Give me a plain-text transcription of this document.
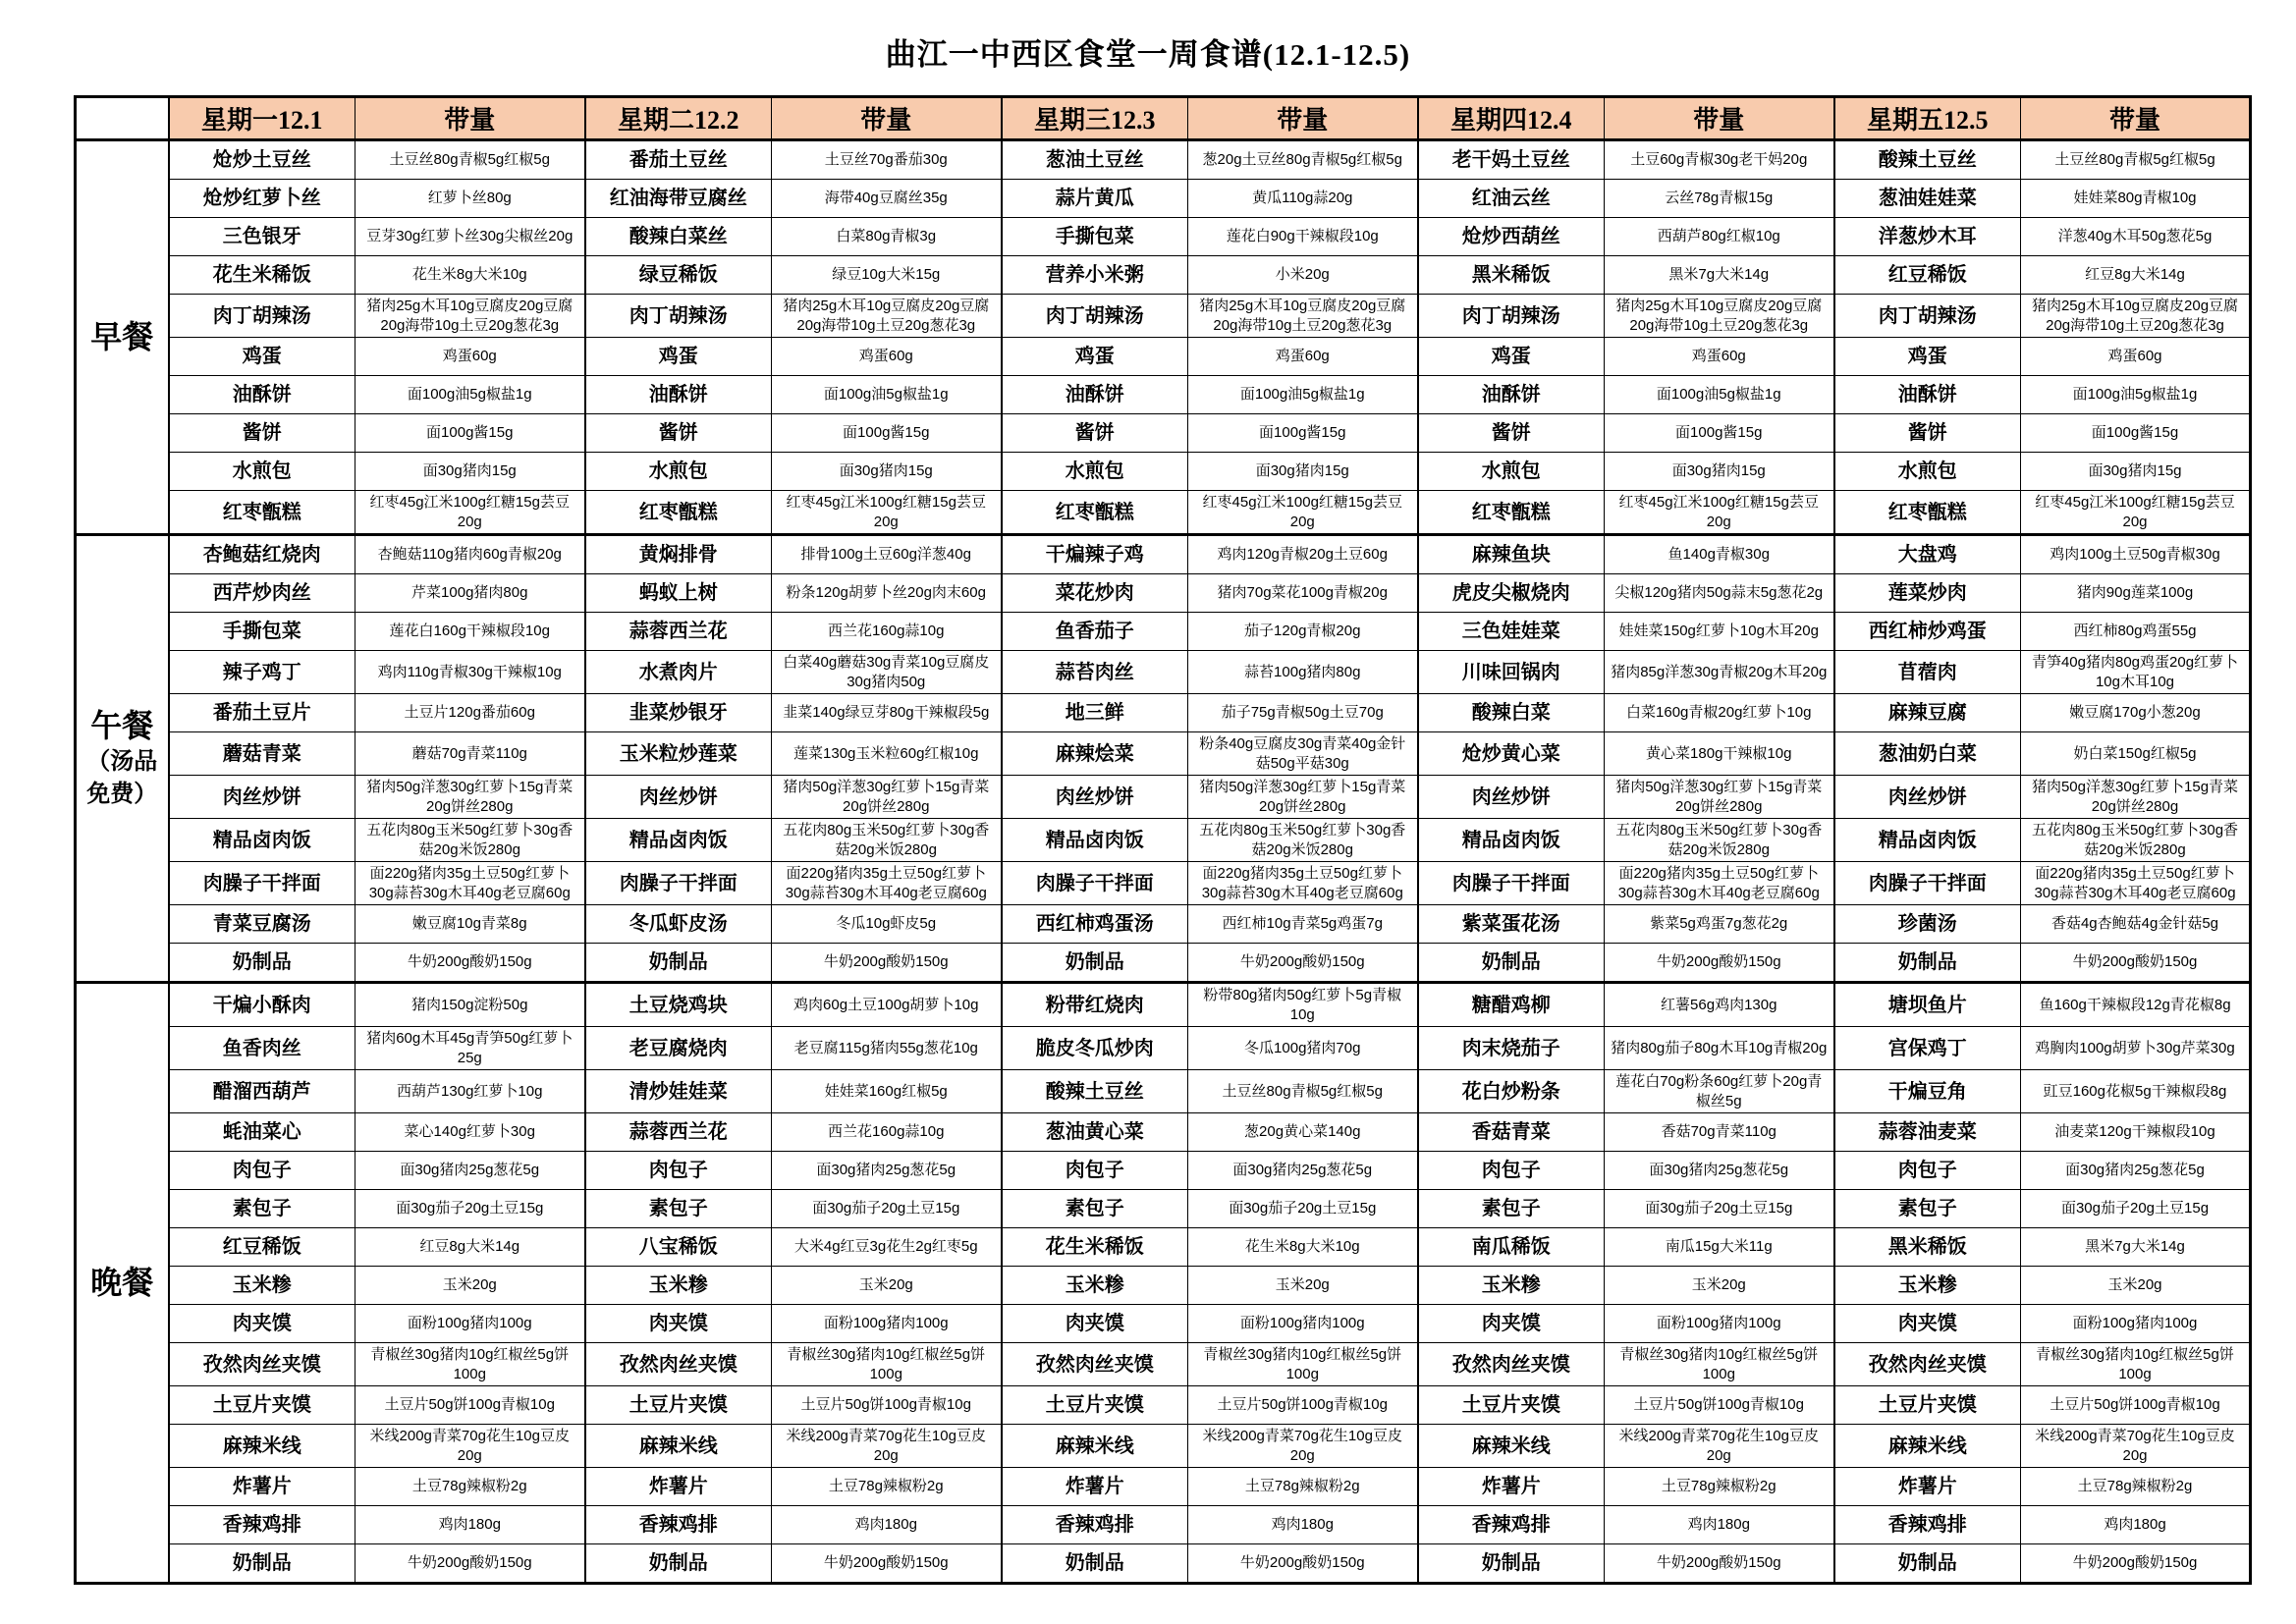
曲江一中西区食堂一周食谱(12.1-12.5)
	星期一12.1	带量	星期二12.2	带量	星期三12.3	带量	星期四12.4	带量	星期五12.5	带量
早餐	炝炒土豆丝	土豆丝80g青椒5g红椒5g	番茄土豆丝	土豆丝70g番茄30g	葱油土豆丝	葱20g土豆丝80g青椒5g红椒5g	老干妈土豆丝	土豆60g青椒30g老干妈20g	酸辣土豆丝	土豆丝80g青椒5g红椒5g
	炝炒红萝卜丝	红萝卜丝80g	红油海带豆腐丝	海带40g豆腐丝35g	蒜片黄瓜	黄瓜110g蒜20g	红油云丝	云丝78g青椒15g	葱油娃娃菜	娃娃菜80g青椒10g
	三色银牙	豆芽30g红萝卜丝30g尖椒丝20g	酸辣白菜丝	白菜80g青椒3g	手撕包菜	莲花白90g干辣椒段10g	炝炒西葫丝	西葫芦80g红椒10g	洋葱炒木耳	洋葱40g木耳50g葱花5g
	花生米稀饭	花生米8g大米10g	绿豆稀饭	绿豆10g大米15g	营养小米粥	小米20g	黑米稀饭	黑米7g大米14g	红豆稀饭	红豆8g大米14g
	肉丁胡辣汤	猪肉25g木耳10g豆腐皮20g豆腐20g海带10g土豆20g葱花3g	肉丁胡辣汤	猪肉25g木耳10g豆腐皮20g豆腐20g海带10g土豆20g葱花3g	肉丁胡辣汤	猪肉25g木耳10g豆腐皮20g豆腐20g海带10g土豆20g葱花3g	肉丁胡辣汤	猪肉25g木耳10g豆腐皮20g豆腐20g海带10g土豆20g葱花3g	肉丁胡辣汤	猪肉25g木耳10g豆腐皮20g豆腐20g海带10g土豆20g葱花3g
	鸡蛋	鸡蛋60g	鸡蛋	鸡蛋60g	鸡蛋	鸡蛋60g	鸡蛋	鸡蛋60g	鸡蛋	鸡蛋60g
	油酥饼	面100g油5g椒盐1g	油酥饼	面100g油5g椒盐1g	油酥饼	面100g油5g椒盐1g	油酥饼	面100g油5g椒盐1g	油酥饼	面100g油5g椒盐1g
	酱饼	面100g酱15g	酱饼	面100g酱15g	酱饼	面100g酱15g	酱饼	面100g酱15g	酱饼	面100g酱15g
	水煎包	面30g猪肉15g	水煎包	面30g猪肉15g	水煎包	面30g猪肉15g	水煎包	面30g猪肉15g	水煎包	面30g猪肉15g
	红枣甑糕	红枣45g江米100g红糖15g芸豆20g	红枣甑糕	红枣45g江米100g红糖15g芸豆20g	红枣甑糕	红枣45g江米100g红糖15g芸豆20g	红枣甑糕	红枣45g江米100g红糖15g芸豆20g	红枣甑糕	红枣45g江米100g红糖15g芸豆20g
午餐
（汤品
免费）	杏鲍菇红烧肉	杏鲍菇110g猪肉60g青椒20g	黄焖排骨	排骨100g土豆60g洋葱40g	干煸辣子鸡	鸡肉120g青椒20g土豆60g	麻辣鱼块	鱼140g青椒30g	大盘鸡	鸡肉100g土豆50g青椒30g
	西芹炒肉丝	芹菜100g猪肉80g	蚂蚁上树	粉条120g胡萝卜丝20g肉末60g	菜花炒肉	猪肉70g菜花100g青椒20g	虎皮尖椒烧肉	尖椒120g猪肉50g蒜末5g葱花2g	莲菜炒肉	猪肉90g莲菜100g
	手撕包菜	莲花白160g干辣椒段10g	蒜蓉西兰花	西兰花160g蒜10g	鱼香茄子	茄子120g青椒20g	三色娃娃菜	娃娃菜150g红萝卜10g木耳20g	西红柿炒鸡蛋	西红柿80g鸡蛋55g
	辣子鸡丁	鸡肉110g青椒30g干辣椒10g	水煮肉片	白菜40g蘑菇30g青菜10g豆腐皮30g猪肉50g	蒜苔肉丝	蒜苔100g猪肉80g	川味回锅肉	猪肉85g洋葱30g青椒20g木耳20g	苜蓿肉	青笋40g猪肉80g鸡蛋20g红萝卜10g木耳10g
	番茄土豆片	土豆片120g番茄60g	韭菜炒银牙	韭菜140g绿豆芽80g干辣椒段5g	地三鲜	茄子75g青椒50g土豆70g	酸辣白菜	白菜160g青椒20g红萝卜10g	麻辣豆腐	嫩豆腐170g小葱20g
	蘑菇青菜	蘑菇70g青菜110g	玉米粒炒莲菜	莲菜130g玉米粒60g红椒10g	麻辣烩菜	粉条40g豆腐皮30g青菜40g金针菇50g平菇30g	炝炒黄心菜	黄心菜180g干辣椒10g	葱油奶白菜	奶白菜150g红椒5g
	肉丝炒饼	猪肉50g洋葱30g红萝卜15g青菜20g饼丝280g	肉丝炒饼	猪肉50g洋葱30g红萝卜15g青菜20g饼丝280g	肉丝炒饼	猪肉50g洋葱30g红萝卜15g青菜20g饼丝280g	肉丝炒饼	猪肉50g洋葱30g红萝卜15g青菜20g饼丝280g	肉丝炒饼	猪肉50g洋葱30g红萝卜15g青菜20g饼丝280g
	精品卤肉饭	五花肉80g玉米50g红萝卜30g香菇20g米饭280g	精品卤肉饭	五花肉80g玉米50g红萝卜30g香菇20g米饭280g	精品卤肉饭	五花肉80g玉米50g红萝卜30g香菇20g米饭280g	精品卤肉饭	五花肉80g玉米50g红萝卜30g香菇20g米饭280g	精品卤肉饭	五花肉80g玉米50g红萝卜30g香菇20g米饭280g
	肉臊子干拌面	面220g猪肉35g土豆50g红萝卜30g蒜苔30g木耳40g老豆腐60g	肉臊子干拌面	面220g猪肉35g土豆50g红萝卜30g蒜苔30g木耳40g老豆腐60g	肉臊子干拌面	面220g猪肉35g土豆50g红萝卜30g蒜苔30g木耳40g老豆腐60g	肉臊子干拌面	面220g猪肉35g土豆50g红萝卜30g蒜苔30g木耳40g老豆腐60g	肉臊子干拌面	面220g猪肉35g土豆50g红萝卜30g蒜苔30g木耳40g老豆腐60g
	青菜豆腐汤	嫩豆腐10g青菜8g	冬瓜虾皮汤	冬瓜10g虾皮5g	西红柿鸡蛋汤	西红柿10g青菜5g鸡蛋7g	紫菜蛋花汤	紫菜5g鸡蛋7g葱花2g	珍菌汤	香菇4g杏鲍菇4g金针菇5g
	奶制品	牛奶200g酸奶150g	奶制品	牛奶200g酸奶150g	奶制品	牛奶200g酸奶150g	奶制品	牛奶200g酸奶150g	奶制品	牛奶200g酸奶150g
晚餐	干煸小酥肉	猪肉150g淀粉50g	土豆烧鸡块	鸡肉60g土豆100g胡萝卜10g	粉带红烧肉	粉带80g猪肉50g红萝卜5g青椒10g	糖醋鸡柳	红薯56g鸡肉130g	塘坝鱼片	鱼160g干辣椒段12g青花椒8g
	鱼香肉丝	猪肉60g木耳45g青笋50g红萝卜25g	老豆腐烧肉	老豆腐115g猪肉55g葱花10g	脆皮冬瓜炒肉	冬瓜100g猪肉70g	肉末烧茄子	猪肉80g茄子80g木耳10g青椒20g	宫保鸡丁	鸡胸肉100g胡萝卜30g芹菜30g
	醋溜西葫芦	西葫芦130g红萝卜10g	清炒娃娃菜	娃娃菜160g红椒5g	酸辣土豆丝	土豆丝80g青椒5g红椒5g	花白炒粉条	莲花白70g粉条60g红萝卜20g青椒丝5g	干煸豆角	豇豆160g花椒5g干辣椒段8g
	蚝油菜心	菜心140g红萝卜30g	蒜蓉西兰花	西兰花160g蒜10g	葱油黄心菜	葱20g黄心菜140g	香菇青菜	香菇70g青菜110g	蒜蓉油麦菜	油麦菜120g干辣椒段10g
	肉包子	面30g猪肉25g葱花5g	肉包子	面30g猪肉25g葱花5g	肉包子	面30g猪肉25g葱花5g	肉包子	面30g猪肉25g葱花5g	肉包子	面30g猪肉25g葱花5g
	素包子	面30g茄子20g土豆15g	素包子	面30g茄子20g土豆15g	素包子	面30g茄子20g土豆15g	素包子	面30g茄子20g土豆15g	素包子	面30g茄子20g土豆15g
	红豆稀饭	红豆8g大米14g	八宝稀饭	大米4g红豆3g花生2g红枣5g	花生米稀饭	花生米8g大米10g	南瓜稀饭	南瓜15g大米11g	黑米稀饭	黑米7g大米14g
	玉米糁	玉米20g	玉米糁	玉米20g	玉米糁	玉米20g	玉米糁	玉米20g	玉米糁	玉米20g
	肉夹馍	面粉100g猪肉100g	肉夹馍	面粉100g猪肉100g	肉夹馍	面粉100g猪肉100g	肉夹馍	面粉100g猪肉100g	肉夹馍	面粉100g猪肉100g
	孜然肉丝夹馍	青椒丝30g猪肉10g红椒丝5g饼100g	孜然肉丝夹馍	青椒丝30g猪肉10g红椒丝5g饼100g	孜然肉丝夹馍	青椒丝30g猪肉10g红椒丝5g饼100g	孜然肉丝夹馍	青椒丝30g猪肉10g红椒丝5g饼100g	孜然肉丝夹馍	青椒丝30g猪肉10g红椒丝5g饼100g
	土豆片夹馍	土豆片50g饼100g青椒10g	土豆片夹馍	土豆片50g饼100g青椒10g	土豆片夹馍	土豆片50g饼100g青椒10g	土豆片夹馍	土豆片50g饼100g青椒10g	土豆片夹馍	土豆片50g饼100g青椒10g
	麻辣米线	米线200g青菜70g花生10g豆皮20g	麻辣米线	米线200g青菜70g花生10g豆皮20g	麻辣米线	米线200g青菜70g花生10g豆皮20g	麻辣米线	米线200g青菜70g花生10g豆皮20g	麻辣米线	米线200g青菜70g花生10g豆皮20g
	炸薯片	土豆78g辣椒粉2g	炸薯片	土豆78g辣椒粉2g	炸薯片	土豆78g辣椒粉2g	炸薯片	土豆78g辣椒粉2g	炸薯片	土豆78g辣椒粉2g
	香辣鸡排	鸡肉180g	香辣鸡排	鸡肉180g	香辣鸡排	鸡肉180g	香辣鸡排	鸡肉180g	香辣鸡排	鸡肉180g
	奶制品	牛奶200g酸奶150g	奶制品	牛奶200g酸奶150g	奶制品	牛奶200g酸奶150g	奶制品	牛奶200g酸奶150g	奶制品	牛奶200g酸奶150g
